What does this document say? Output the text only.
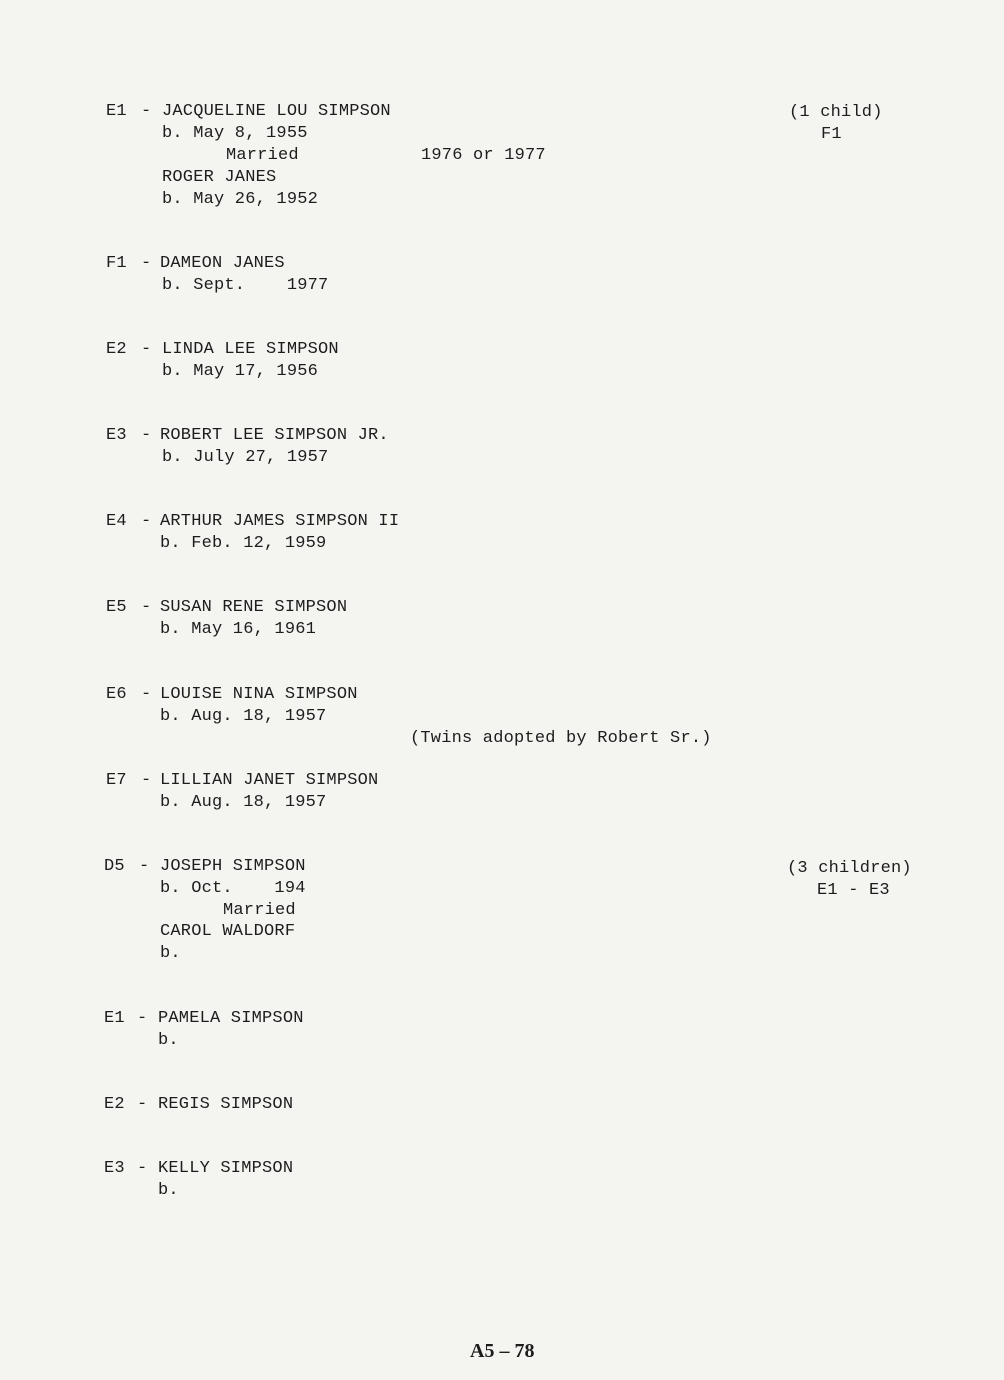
E1 - JACQUELINE LOU SIMPSON
b. May 8, 1955
Married	1976 or 1977
ROGER JANES
b. May 26, 1952
(1 child)
F1
F1 - DAMEON JANES
b. Sept.    1977
E2 - LINDA LEE SIMPSON
b. May 17, 1956
E3 - ROBERT LEE SIMPSON JR.
b. July 27, 1957
E4 - ARTHUR JAMES SIMPSON II
b. Feb. 12, 1959
E5 - SUSAN RENE SIMPSON
b. May 16, 1961
E6 - LOUISE NINA SIMPSON
b. Aug. 18, 1957
(Twins adopted by Robert Sr.)
E7 - LILLIAN JANET SIMPSON
b. Aug. 18, 1957
D5 - JOSEPH SIMPSON
b. Oct.    194
Married
CAROL WALDORF
b.
(3 children)
E1 - E3
E1 - PAMELA SIMPSON
b.
E2 - REGIS SIMPSON
E3 - KELLY SIMPSON
b.
A5 – 78
